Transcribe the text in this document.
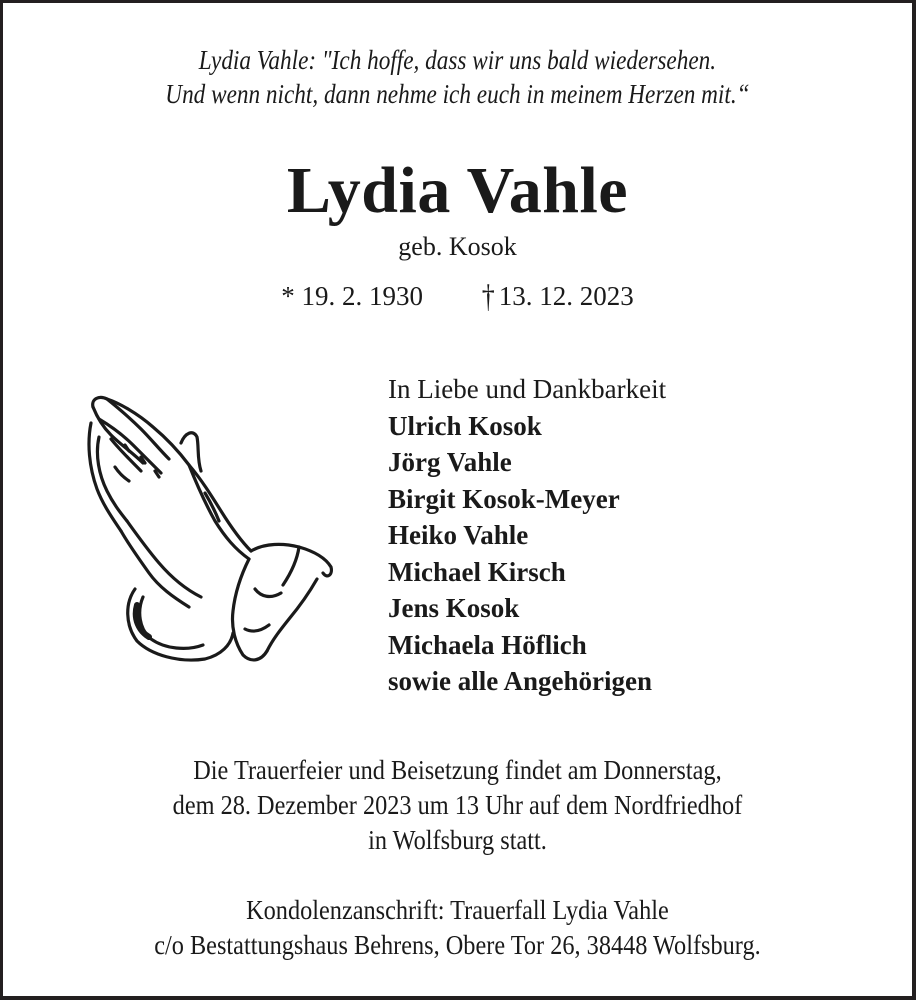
Lydia Vahle: "Ich hoffe, dass wir uns bald wiedersehen.
Und wenn nicht, dann nehme ich euch in meinem Herzen mit.“
Lydia Vahle
geb. Kosok
* 19. 2. 1930 † 13. 12. 2023
In Liebe und Dankbarkeit
Ulrich Kosok
Jörg Vahle
Birgit Kosok-Meyer
Heiko Vahle
Michael Kirsch
Jens Kosok
Michaela Höflich
sowie alle Angehörigen
Die Trauerfeier und Beisetzung findet am Donnerstag,
dem 28. Dezember 2023 um 13 Uhr auf dem Nordfriedhof
in Wolfsburg statt.
Kondolenzanschrift: Trauerfall Lydia Vahle
c/o Bestattungshaus Behrens, Obere Tor 26, 38448 Wolfsburg.
